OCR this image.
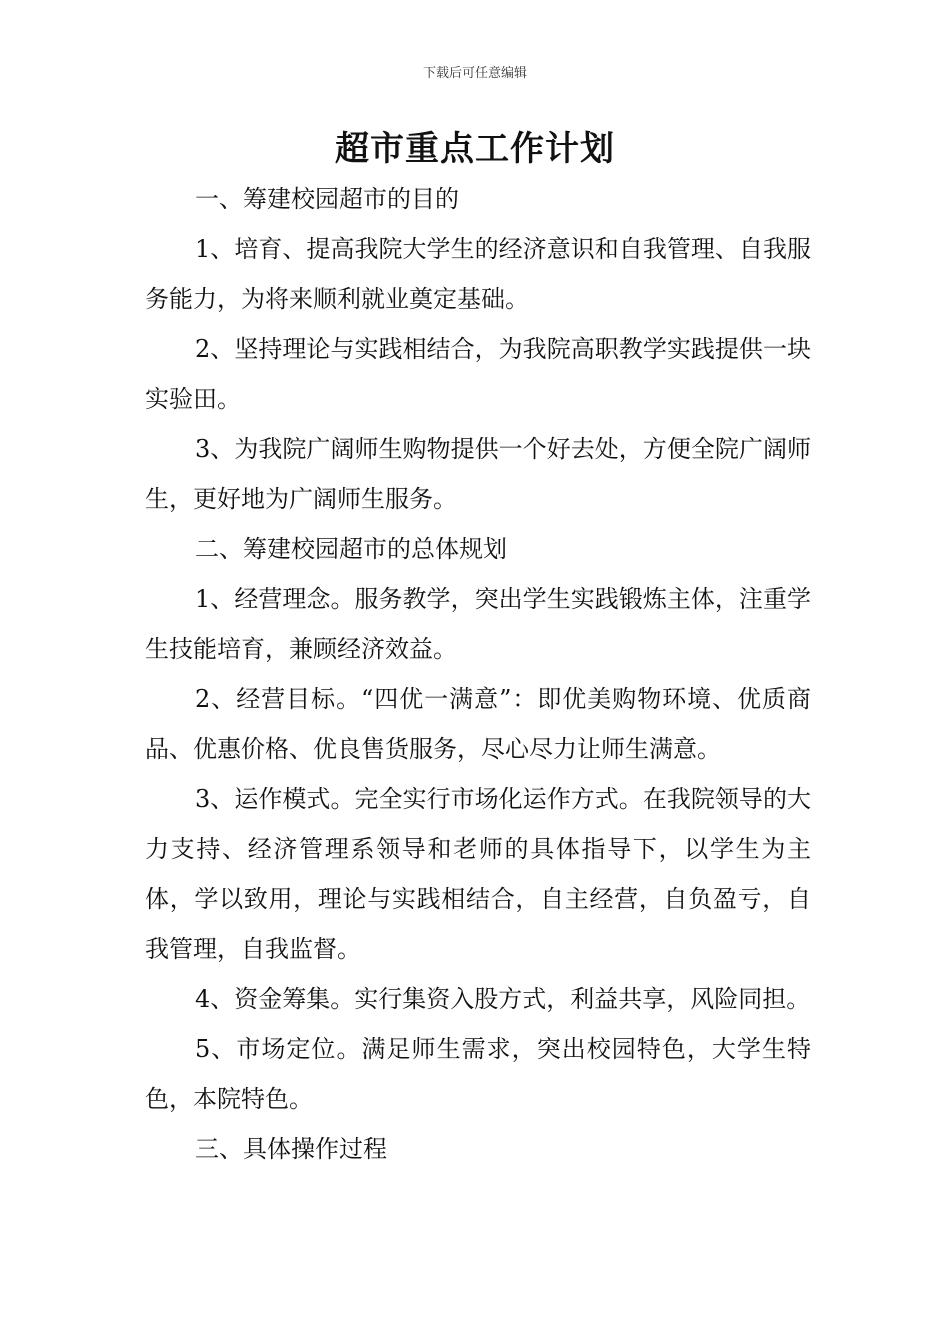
下载后可任意编辑
超市重点工作计划

一、筹建校园超市的目的

1、培育、提高我院大学生的经济意识和自我管理、自我服务能力，为将来顺利就业奠定基础。

2、坚持理论与实践相结合，为我院高职教学实践提供一块实验田。

3、为我院广阔师生购物提供一个好去处，方便全院广阔师生，更好地为广阔师生服务。

二、筹建校园超市的总体规划

1、经营理念。服务教学，突出学生实践锻炼主体，注重学生技能培育，兼顾经济效益。

2、经营目标。“四优一满意”：即优美购物环境、优质商品、优惠价格、优良售货服务，尽心尽力让师生满意。

3、运作模式。完全实行市场化运作方式。在我院领导的大力支持、经济管理系领导和老师的具体指导下，以学生为主体，学以致用，理论与实践相结合，自主经营，自负盈亏，自我管理，自我监督。

4、资金筹集。实行集资入股方式，利益共享，风险同担。

5、市场定位。满足师生需求，突出校园特色，大学生特色，本院特色。

三、具体操作过程
